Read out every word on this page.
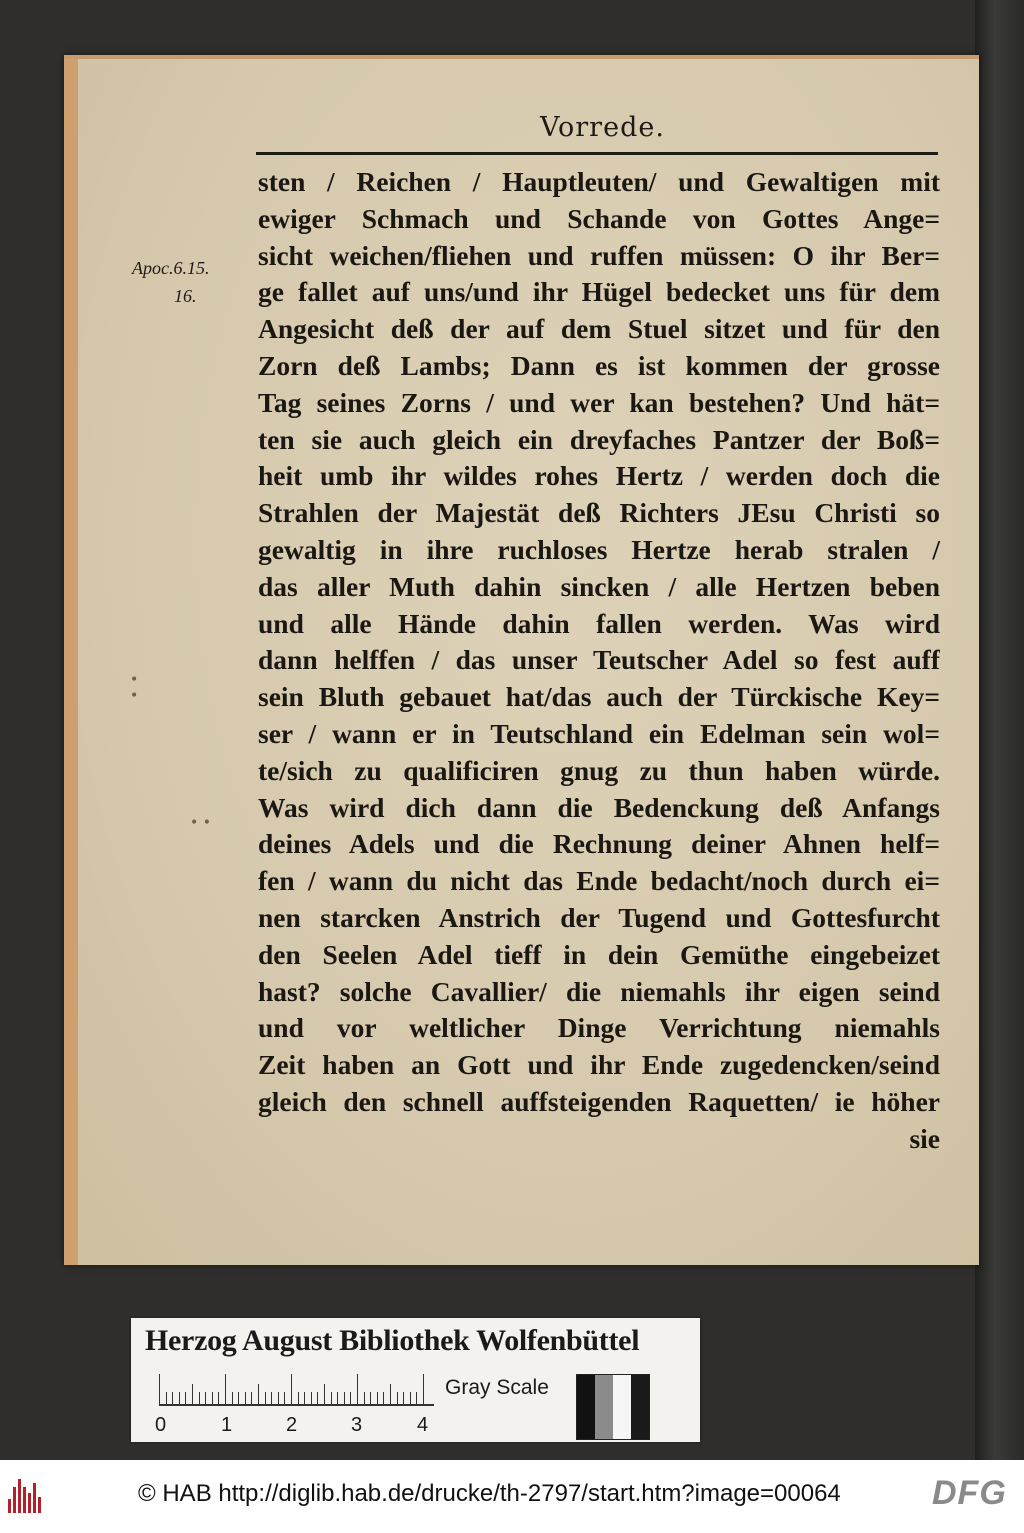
Vorrede.
Apoc.6.15.
16.
•
•
• •
sten / Reichen / Hauptleuten/ und Gewaltigen mit
ewiger Schmach und Schande von Gottes Ange=
sicht weichen/fliehen und ruffen müssen: O ihr Ber=
ge fallet auf uns/und ihr Hügel bedecket uns für dem
Angesicht deß der auf dem Stuel sitzet und für den
Zorn deß Lambs; Dann es ist kommen der grosse
Tag seines Zorns / und wer kan bestehen? Und hät=
ten sie auch gleich ein dreyfaches Pantzer der Boß=
heit umb ihr wildes rohes Hertz / werden doch die
Strahlen der Majestät deß Richters JEsu Christi so
gewaltig in ihre ruchloses Hertze herab stralen /
das aller Muth dahin sincken / alle Hertzen beben
und alle Hände dahin fallen werden. Was wird
dann helffen / das unser Teutscher Adel so fest auff
sein Bluth gebauet hat/das auch der Türckische Key=
ser / wann er in Teutschland ein Edelman sein wol=
te/sich zu qualificiren gnug zu thun haben würde.
Was wird dich dann die Bedenckung deß Anfangs
deines Adels und die Rechnung deiner Ahnen helf=
fen / wann du nicht das Ende bedacht/noch durch ei=
nen starcken Anstrich der Tugend und Gottesfurcht
den Seelen Adel tieff in dein Gemüthe eingebeizet
hast? solche Cavallier/ die niemahls ihr eigen seind
und vor weltlicher Dinge Verrichtung niemahls
Zeit haben an Gott und ihr Ende zugedencken/seind
gleich den schnell auffsteigenden Raquetten/ ie höher
sie
Herzog August Bibliothek Wolfenbüttel
0	1	2	3	4
Gray Scale
© HAB http://diglib.hab.de/drucke/th-2797/start.htm?image=00064	DFG
